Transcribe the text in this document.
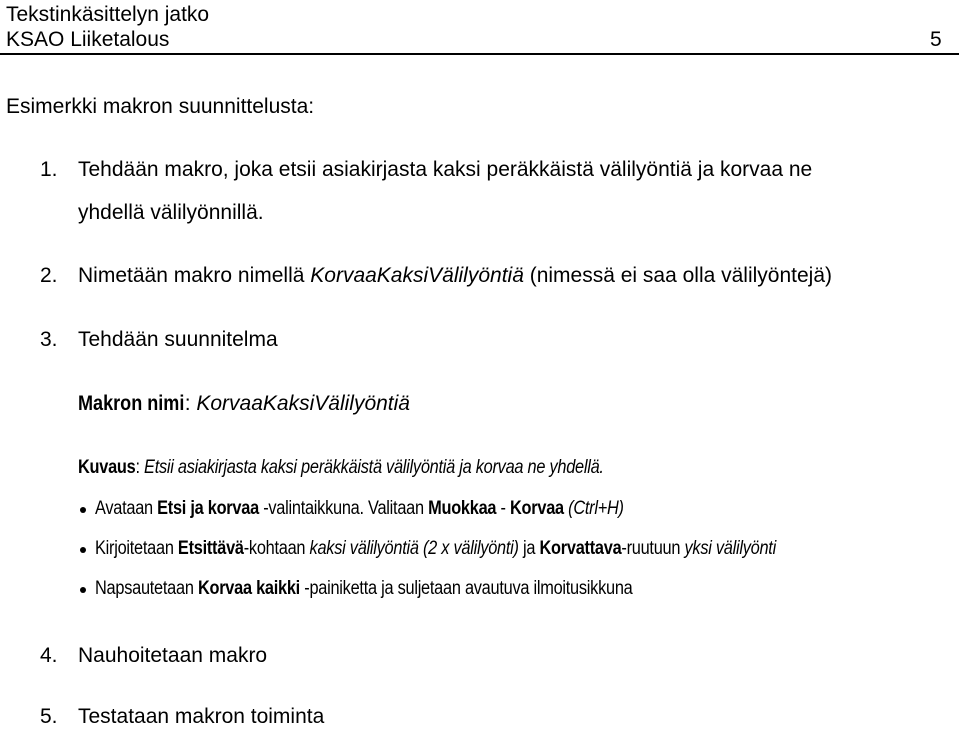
Tekstinkäsittelyn jatko
KSAO Liiketalous	5
Esimerkki makron suunnittelusta:
1. Tehdään makro, joka etsii asiakirjasta kaksi peräkkäistä välilyöntiä ja korvaa ne
yhdellä välilyönnillä.
2. Nimetään makro nimellä KorvaaKaksiVälilyöntiä (nimessä ei saa olla välilyöntejä)
3. Tehdään suunnitelma
Makron nimi: KorvaaKaksiVälilyöntiä
Kuvaus: Etsii asiakirjasta kaksi peräkkäistä välilyöntiä ja korvaa ne yhdellä.
Avataan Etsi ja korvaa -valintaikkuna. Valitaan Muokkaa - Korvaa (Ctrl+H)
Kirjoitetaan Etsittävä-kohtaan kaksi välilyöntiä (2 x välilyönti) ja Korvattava-ruutuun yksi välilyönti
Napsautetaan Korvaa kaikki -painiketta ja suljetaan avautuva ilmoitusikkuna
4. Nauhoitetaan makro
5. Testataan makron toiminta
